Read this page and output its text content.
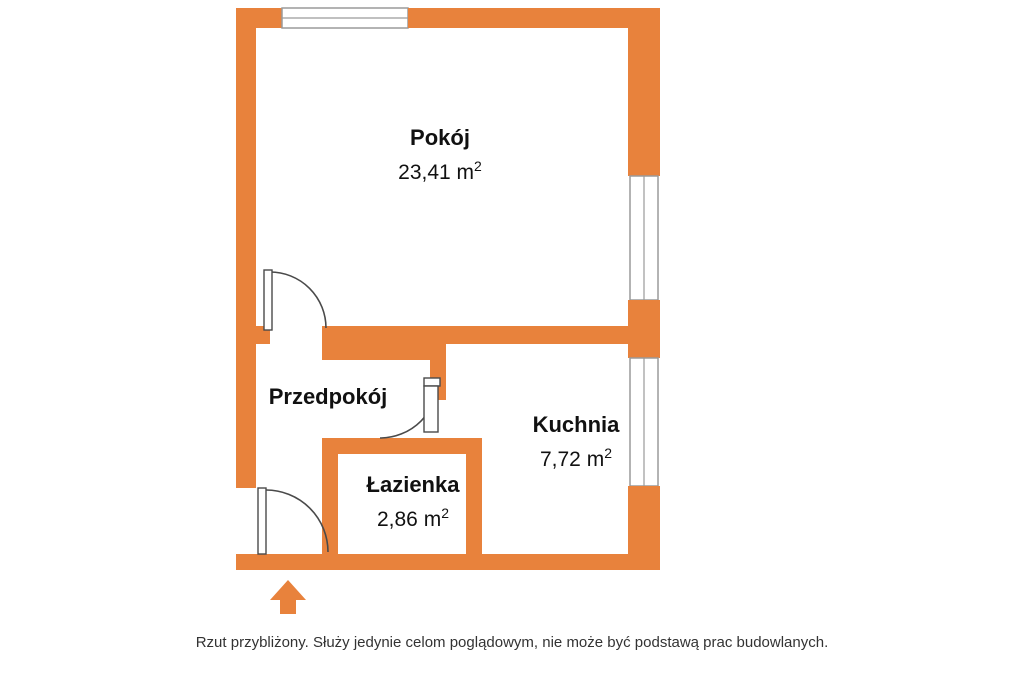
Pokój
23,41 $m^2$
Przedpokój
Kuchnia
7,72 $m^2$
Łazienka
2,86 $m^2$
Rzut przybliżony. Służy jedynie celom poglądowym, nie może być podstawą prac budowlanych.
